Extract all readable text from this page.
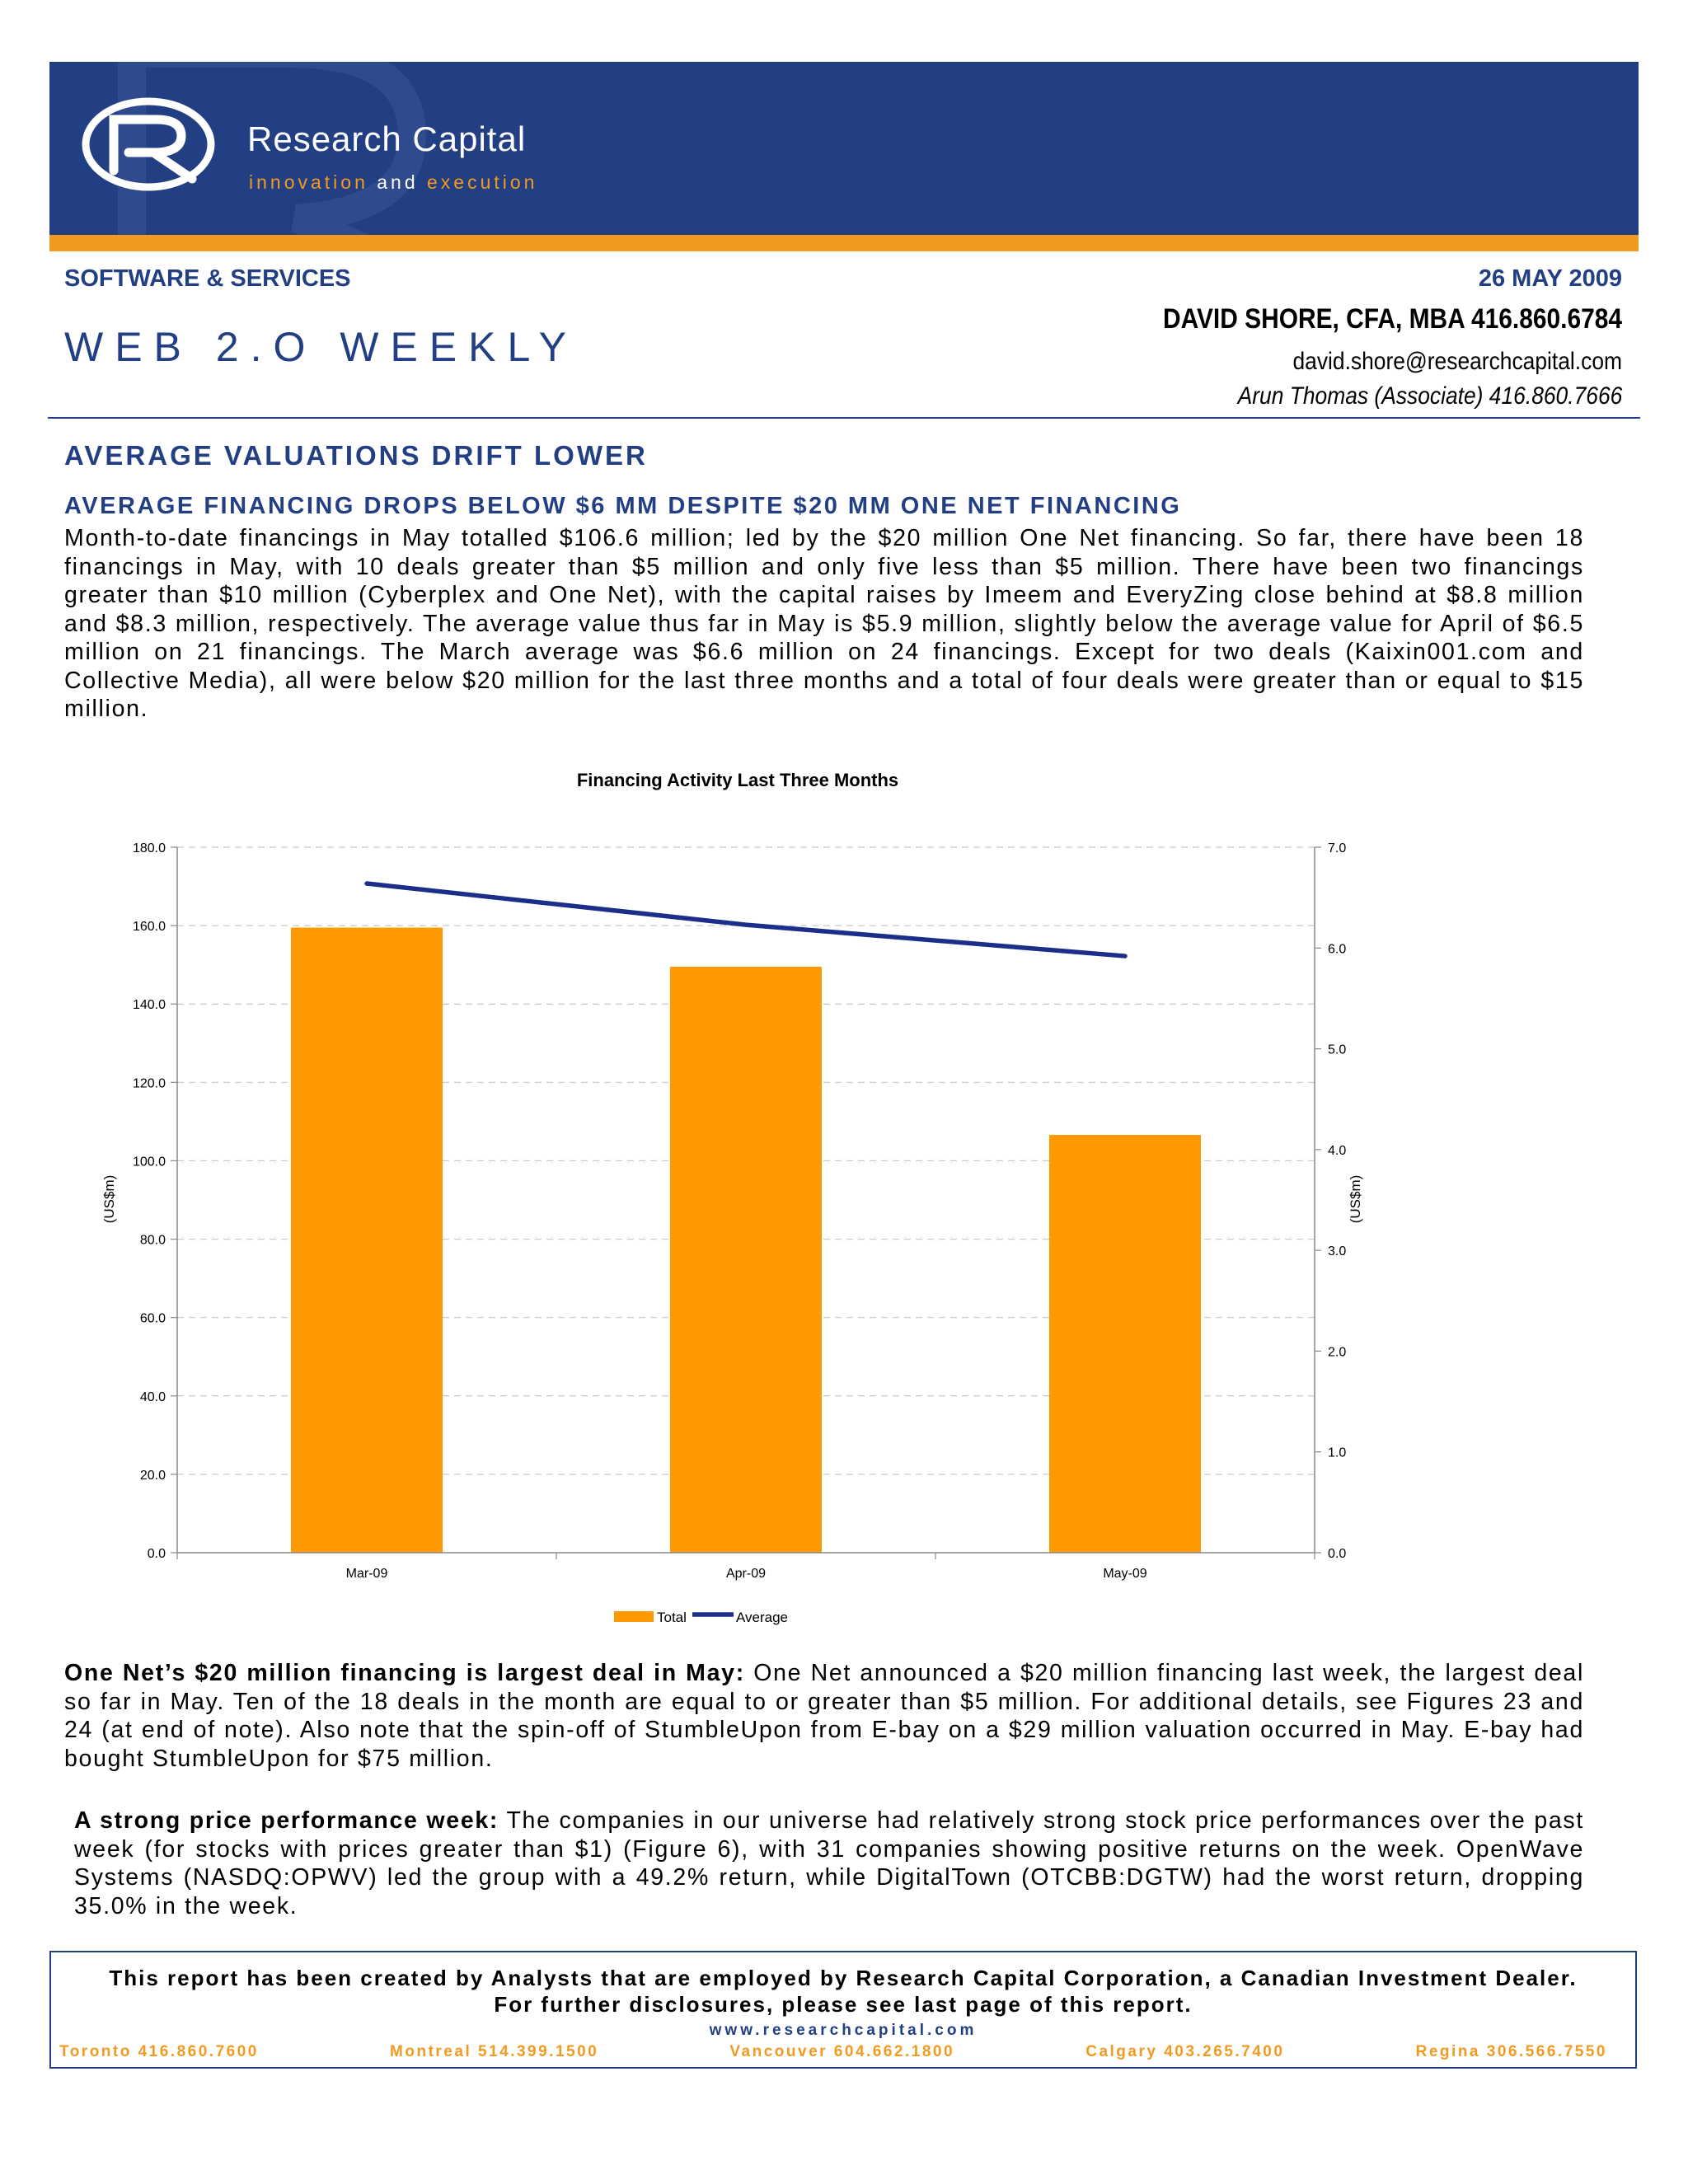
Research Capital
innovation and execution
SOFTWARE & SERVICES	26 MAY 2009
WEB 2.O WEEKLY
DAVID SHORE, CFA, MBA 416.860.6784
david.shore@researchcapital.com
Arun Thomas (Associate) 416.860.7666
AVERAGE VALUATIONS DRIFT LOWER
AVERAGE FINANCING DROPS BELOW $6 MM DESPITE $20 MM ONE NET FINANCING
Month-to-date financings in May totalled $106.6 million; led by the $20 million One Net financing. So far, there have been 18 financings in May, with 10 deals greater than $5 million and only five less than $5 million. There have been two financings greater than $10 million (Cyberplex and One Net), with the capital raises by Imeem and EveryZing close behind at $8.8 million and $8.3 million, respectively. The average value thus far in May is $5.9 million, slightly below the average value for April of $6.5 million on 21 financings. The March average was $6.6 million on 24 financings. Except for two deals (Kaixin001.com and Collective Media), all were below $20 million for the last three months and a total of four deals were greater than or equal to $15 million.
Financing Activity Last Three Months
(US$m)	(US$m)
0.0
20.0
40.0
60.0
80.0
100.0
120.0
140.0
160.0
180.0
0.0
1.0
2.0
3.0
4.0
5.0
6.0
7.0
Mar-09	Apr-09	May-09
Total	Average
One Net’s $20 million financing is largest deal in May: One Net announced a $20 million financing last week, the largest deal so far in May. Ten of the 18 deals in the month are equal to or greater than $5 million. For additional details, see Figures 23 and 24 (at end of note). Also note that the spin-off of StumbleUpon from E-bay on a $29 million valuation occurred in May. E-bay had bought StumbleUpon for $75 million.
A strong price performance week: The companies in our universe had relatively strong stock price performances over the past week (for stocks with prices greater than $1) (Figure 6), with 31 companies showing positive returns on the week. OpenWave Systems (NASDQ:OPWV) led the group with a 49.2% return, while DigitalTown (OTCBB:DGTW) had the worst return, dropping 35.0% in the week.
This report has been created by Analysts that are employed by Research Capital Corporation, a Canadian Investment Dealer.
For further disclosures, please see last page of this report.
www.researchcapital.com
Toronto 416.860.7600	Montreal 514.399.1500	Vancouver 604.662.1800	Calgary 403.265.7400	Regina 306.566.7550
